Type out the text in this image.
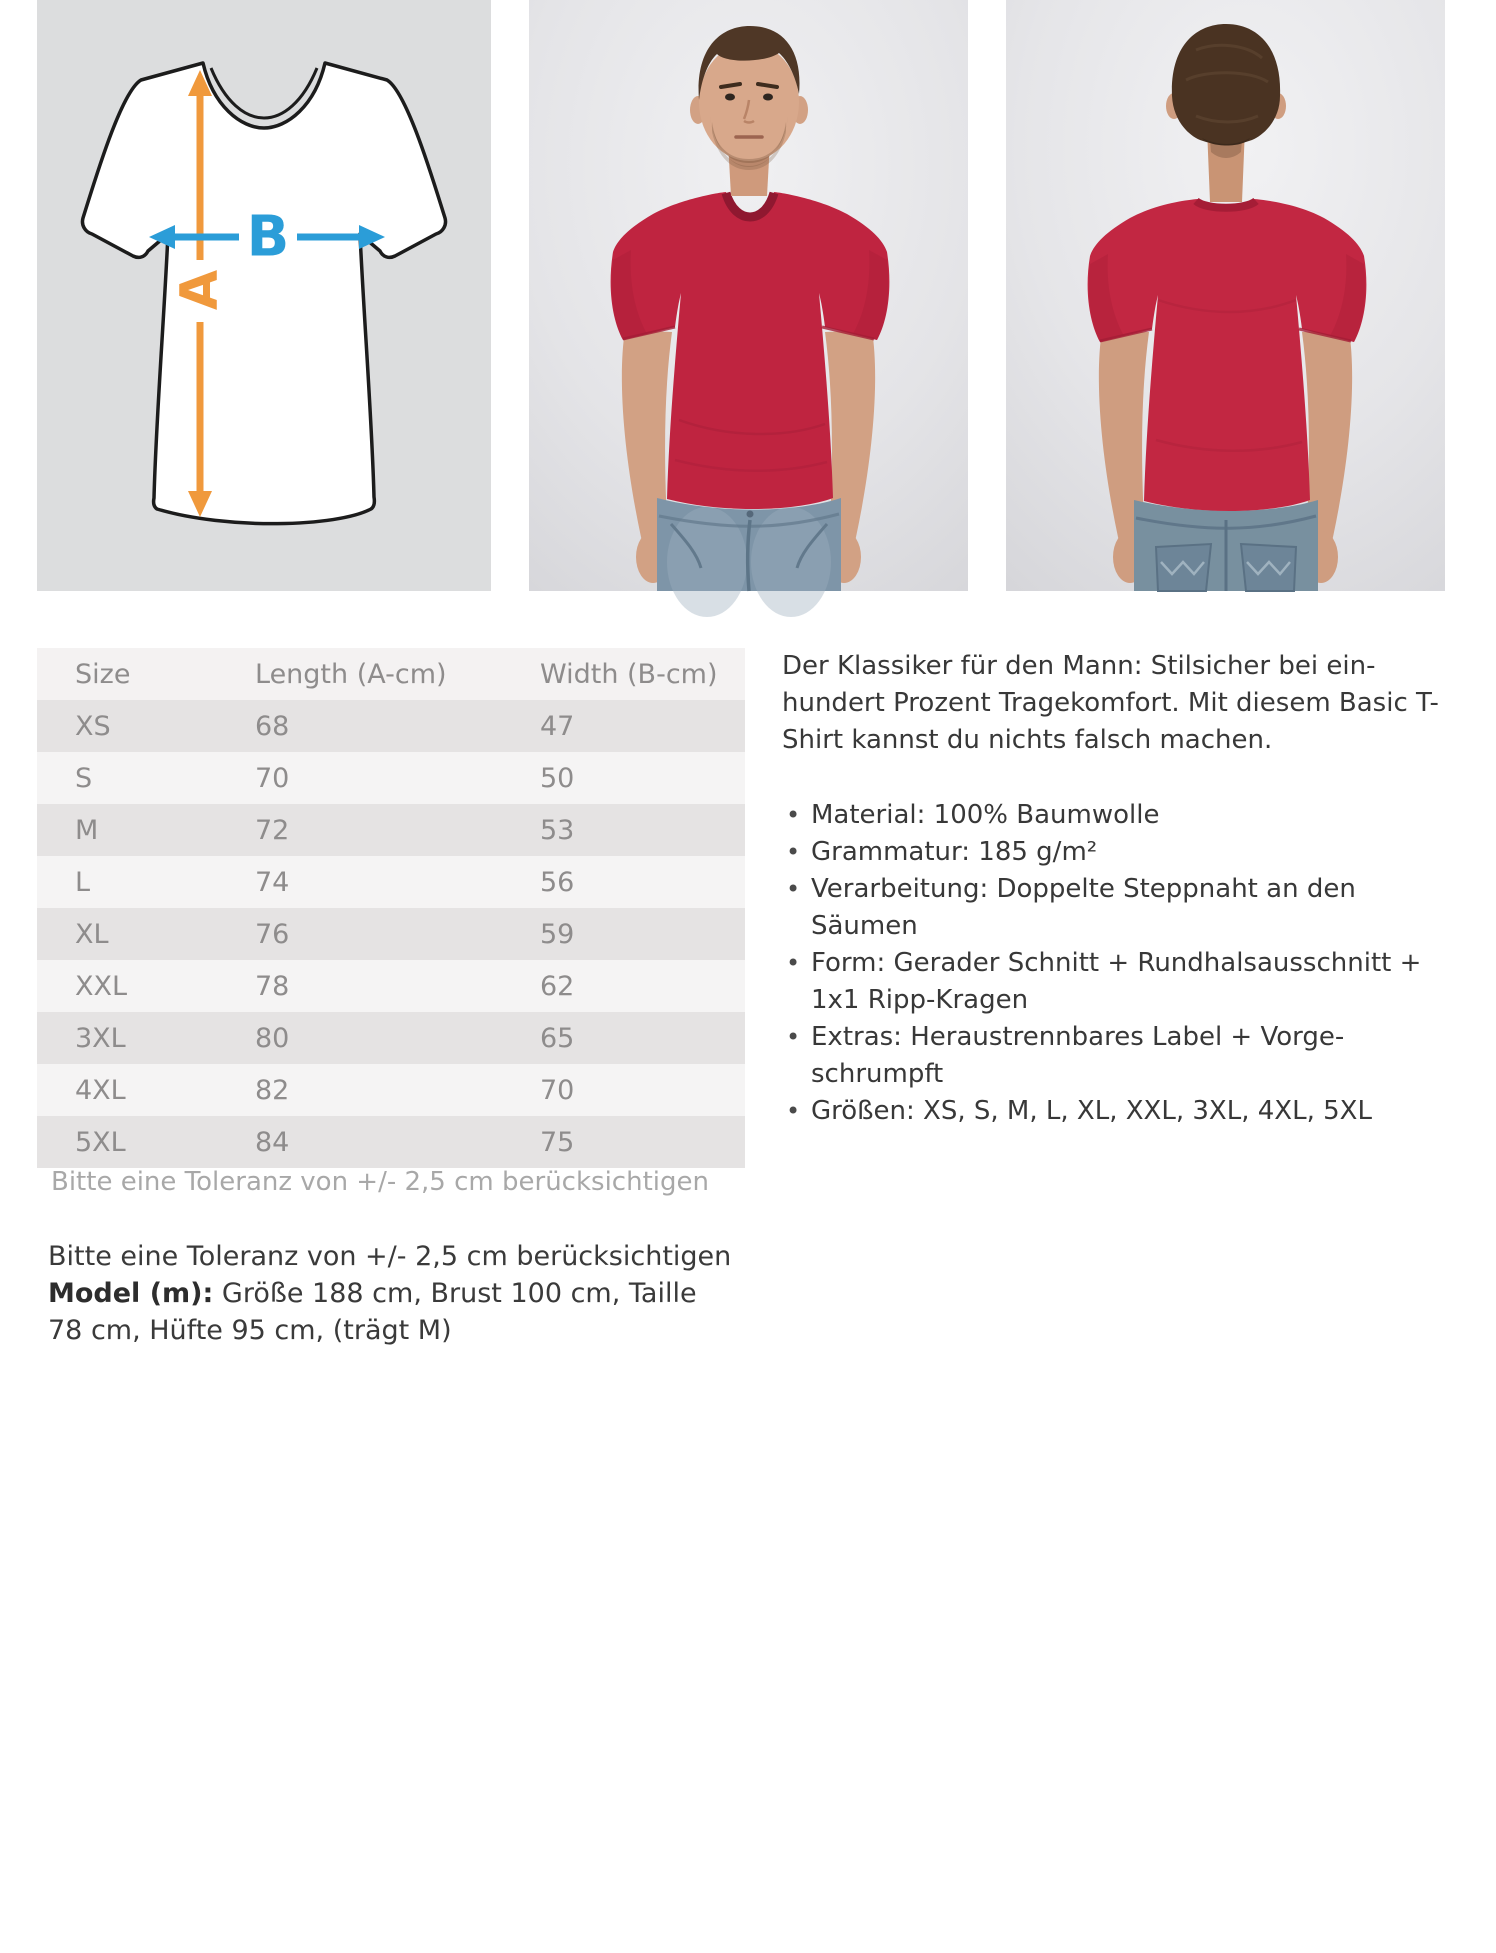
A
B
Size	Length (A-cm)	Width (B-cm)
XS	68	47
S	70	50
M	72	53
L	74	56
XL	76	59
XXL	78	62
3XL	80	65
4XL	82	70
5XL	84	75
Bitte eine Toleranz von +/- 2,5 cm berücksichtigen

Bitte eine Toleranz von +/- 2,5 cm berücksichtigen

Model (m): Größe 188 cm, Brust 100 cm, Taille 78 cm, Hüfte 95 cm, (trägt M)

Der Klassiker für den Mann: Stilsicher bei einhundert Prozent Tragekomfort. Mit diesem Basic T-Shirt kannst du nichts falsch machen.

• Material: 100% Baumwolle
• Grammatur: 185 g/m²
• Verarbeitung: Doppelte Steppnaht an den Säumen
• Form: Gerader Schnitt + Rundhalsausschnitt + 1x1 Ripp-Kragen
• Extras: Heraustrennbares Label + Vorgeschrumpft
• Größen: XS, S, M, L, XL, XXL, 3XL, 4XL, 5XL
